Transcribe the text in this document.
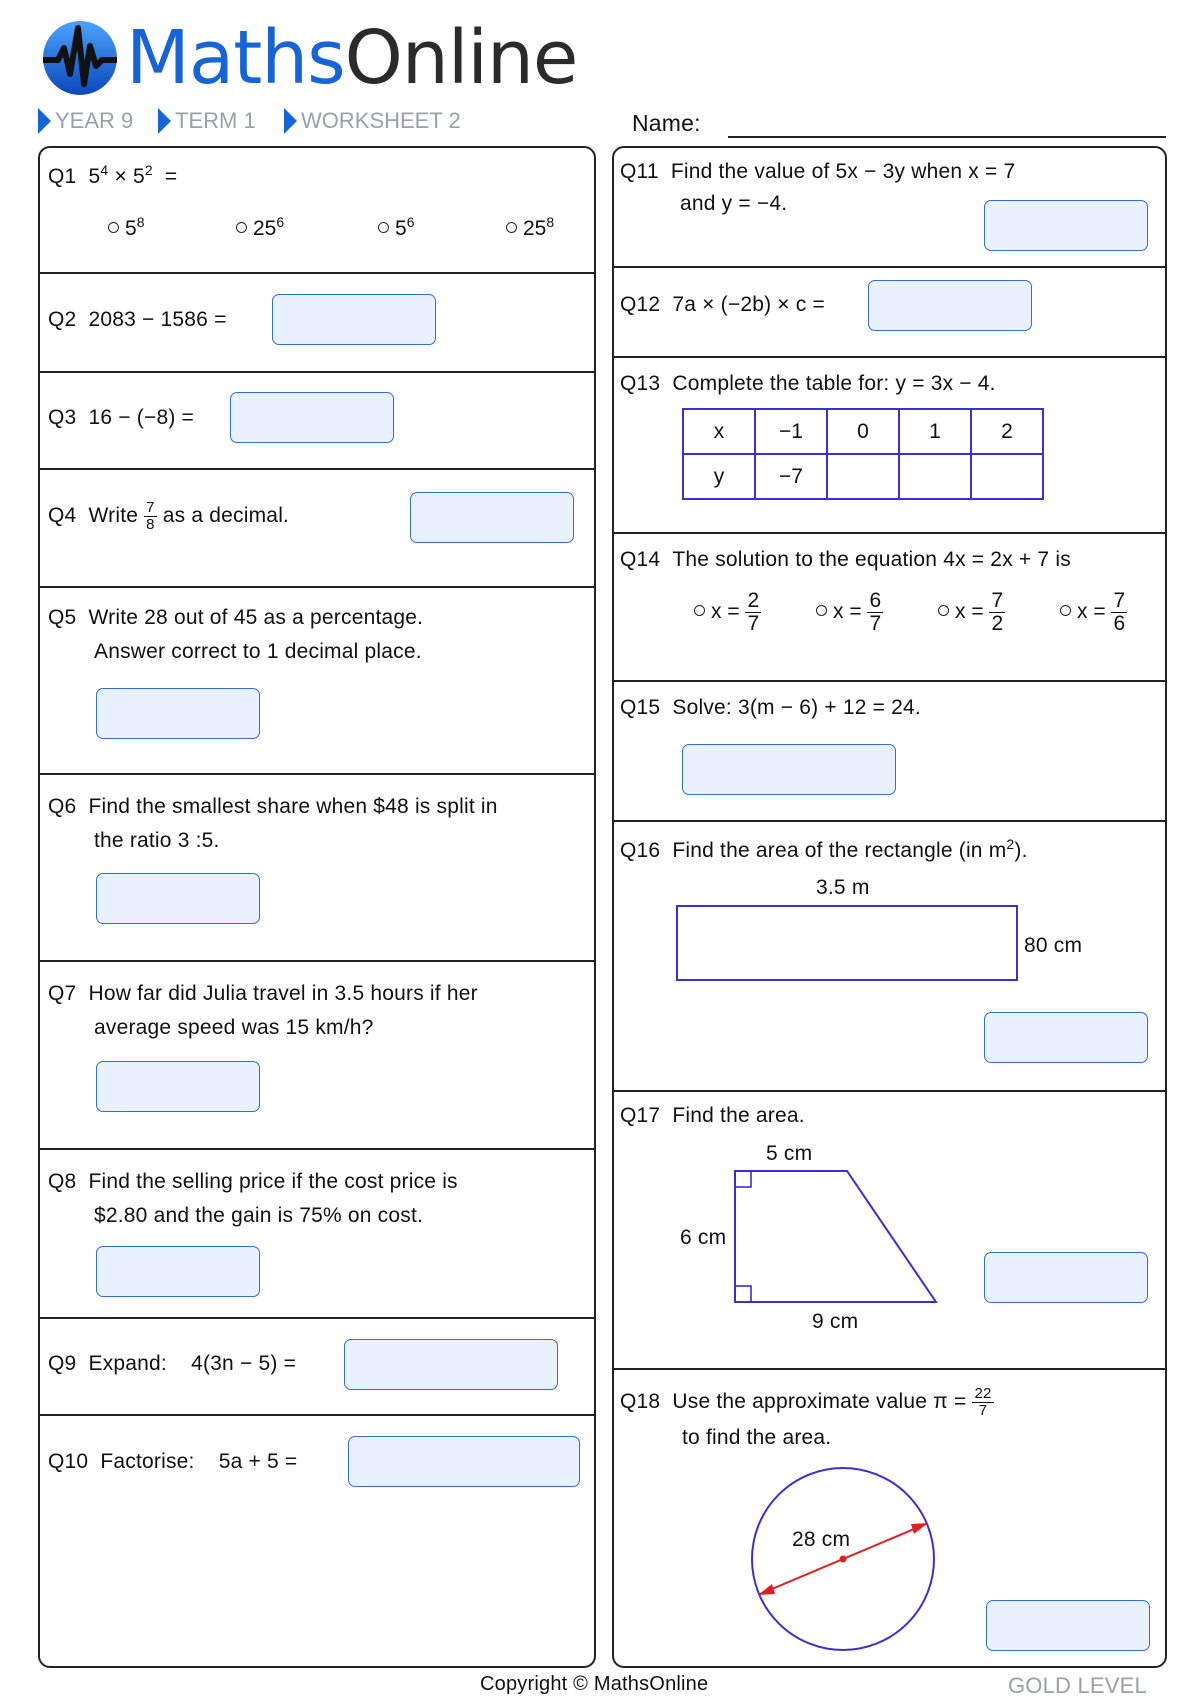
MathsOnline
YEAR 9 TERM 1 WORKSHEET 2	Name:
Q1 $5^4 \times 5^2$ =
$5^8$	$25^6$	$5^6$	$25^8$
Q2 2083 − 1586 =
Q3 16 − (−8) =
Q4 Write $\frac{7}{8}$ as a decimal.
Q5 Write 28 out of 45 as a percentage.
Answer correct to 1 decimal place.
Q6 Find the smallest share when $48 is split in
the ratio 3 :5.
Q7 How far did Julia travel in 3.5 hours if her
average speed was 15 km/h?
Q8 Find the selling price if the cost price is
$2.80 and the gain is 75% on cost.
Q9 Expand: 4(3n − 5) =
Q10 Factorise: 5a + 5 =
Q11 Find the value of 5x − 3y when x = 7
and y = −4.
Q12 7a × (−2b) × c =
Q13 Complete the table for: y = 3x − 4.
x	−1	0	1	2
y	−7			
Q14 The solution to the equation 4x = 2x + 7 is
$x = \frac{2}{7}$	$x = \frac{6}{7}$	$x = \frac{7}{2}$	$x = \frac{7}{6}$
Q15 Solve: 3(m − 6) + 12 = 24.
Q16 Find the area of the rectangle (in $m^2$).
3.5 m
80 cm
Q17 Find the area.
5 cm
6 cm
9 cm
Q18 Use the approximate value $\pi = \frac{22}{7}$
to find the area.
28 cm
Copyright © MathsOnline	GOLD LEVEL
